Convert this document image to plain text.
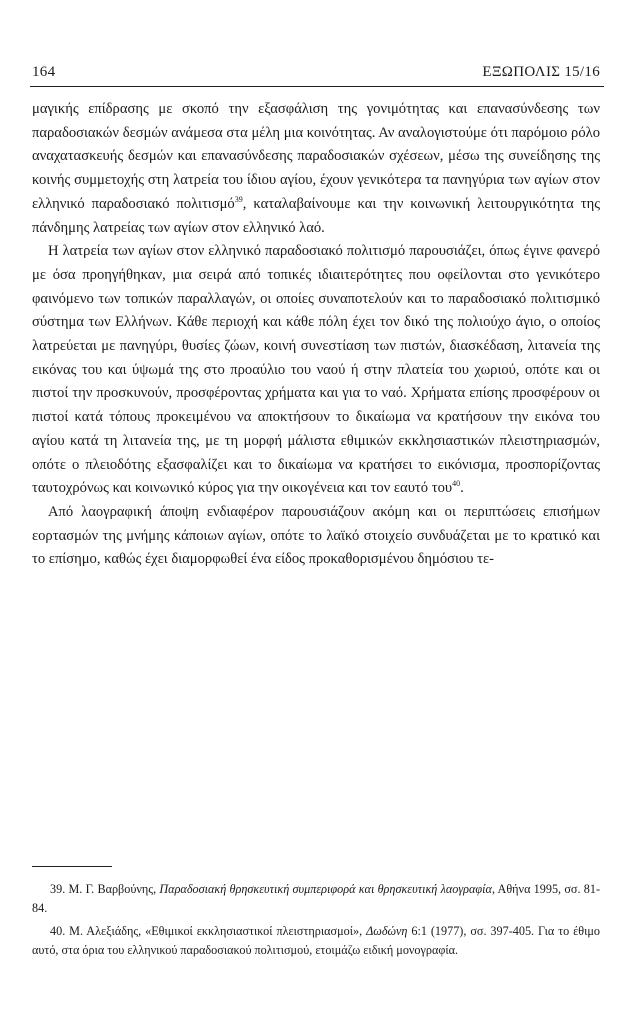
164	ΕΞΩΠΟΛΙΣ 15/16

μαγικής επίδρασης με σκοπό την εξασφάλιση της γονιμότητας και επανασύνδεσης των παραδοσιακών δεσμών ανάμεσα στα μέλη μια κοινότητας. Αν αναλογιστούμε ότι παρόμοιο ρόλο αναχατασκευής δεσμών και επανασύνδεσης παραδοσιακών σχέσεων, μέσω της συνείδησης της κοινής συμμετοχής στη λατρεία του ίδιου αγίου, έχουν γενικότερα τα πανηγύρια των αγίων στον ελληνικό παραδοσιακό πολιτισμό$^{39}$, καταλαβαίνουμε και την κοινωνική λειτουργικότητα της πάνδημης λατρείας των αγίων στον ελληνικό λαό.

Η λατρεία των αγίων στον ελληνικό παραδοσιακό πολιτισμό παρουσιάζει, όπως έγινε φανερό με όσα προηγήθηκαν, μια σειρά από τοπικές ιδιαιτερότητες που οφείλονται στο γενικότερο φαινόμενο των τοπικών παραλλαγών, οι οποίες συναποτελούν και το παραδοσιακό πολιτισμικό σύστημα των Ελλήνων. Κάθε περιοχή και κάθε πόλη έχει τον δικό της πολιούχο άγιο, ο οποίος λατρεύεται με πανηγύρι, θυσίες ζώων, κοινή συνεστίαση των πιστών, διασκέδαση, λιτανεία της εικόνας του και ύψωμά της στο προαύλιο του ναού ή στην πλατεία του χωριού, οπότε και οι πιστοί την προσκυνούν, προσφέροντας χρήματα και για το ναό. Χρήματα επίσης προσφέρουν οι πιστοί κατά τόπους προκειμένου να αποκτήσουν το δικαίωμα να κρατήσουν την εικόνα του αγίου κατά τη λιτανεία της, με τη μορφή μάλιστα εθιμικών εκκλησιαστικών πλειστηριασμών, οπότε ο πλειοδότης εξασφαλίζει και το δικαίωμα να κρατήσει το εικόνισμα, προσπορίζοντας ταυτοχρόνως και κοινωνικό κύρος για την οικογένεια και τον εαυτό του$^{40}$.

Από λαογραφική άποψη ενδιαφέρον παρουσιάζουν ακόμη και οι περιπτώσεις επισήμων εορτασμών της μνήμης κάποιων αγίων, οπότε το λαϊκό στοιχείο συνδυάζεται με το κρατικό και το επίσημο, καθώς έχει διαμορφωθεί ένα είδος προκαθορισμένου δημόσιου τε-

39. Μ. Γ. Βαρβούνης, Παραδοσιακή θρησκευτική συμπεριφορά και θρησκευτική λαογραφία, Αθήνα 1995, σσ. 81-84.

40. Μ. Αλεξιάδης, «Εθιμικοί εκκλησιαστικοί πλειστηριασμοί», Δωδώνη 6:1 (1977), σσ. 397-405. Για το έθιμο αυτό, στα όρια του ελληνικού παραδοσιακού πολιτισμού, ετοιμάζω ειδική μονογραφία.
